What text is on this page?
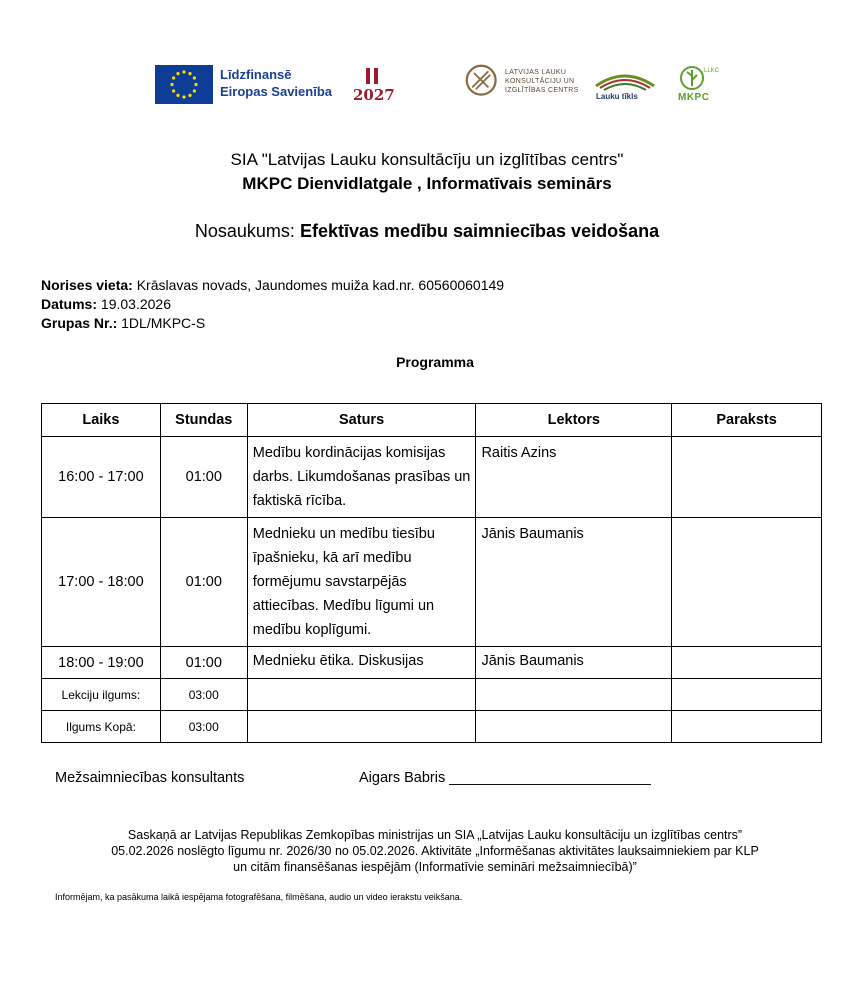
Līdzfinansē
Eiropas Savienība 2027
LATVIJAS LAUKU
KONSULTĀCIJU UN
IZGLĪTĪBAS CENTRS
Lauku tīkls
LLKC
MKPC
SIA "Latvijas Lauku konsultācīju un izglītības centrs"
MKPC Dienvidlatgale , Informatīvais seminārs
Nosaukums: Efektīvas medību saimniecības veidošana
Norises vieta: Krāslavas novads, Jaundomes muiža kad.nr. 60560060149
Datums: 19.03.2026
Grupas Nr.: 1DL/MKPC-S
Programma
Laiks	Stundas	Saturs	Lektors	Paraksts
16:00 - 17:00	01:00	Medību kordinācijas komisijas darbs. Likumdošanas prasības un faktiskā rīcība.	Raitis Azins	
17:00 - 18:00	01:00	Mednieku un medību tiesību īpašnieku, kā arī medību formējumu savstarpējās attiecības. Medību līgumi un medību koplīgumi.	Jānis Baumanis	
18:00 - 19:00	01:00	Mednieku ētika. Diskusijas	Jānis Baumanis	
Lekciju ilgums:	03:00			
Ilgums Kopā:	03:00			
Mežsaimniecības konsultants	Aigars Babris _________________________
Saskaņā ar Latvijas Republikas Zemkopības ministrijas un SIA „Latvijas Lauku konsultāciju un izglītības centrs”
05.02.2026 noslēgto līgumu nr. 2026/30 no 05.02.2026. Aktivitāte „Informēšanas aktivitātes lauksaimniekiem par KLP
un citām finansēšanas iespējām (Informatīvie semināri mežsaimniecībā)”
Informējam, ka pasākuma laikā iespējama fotografēšana, filmēšana, audio un video ierakstu veikšana.
